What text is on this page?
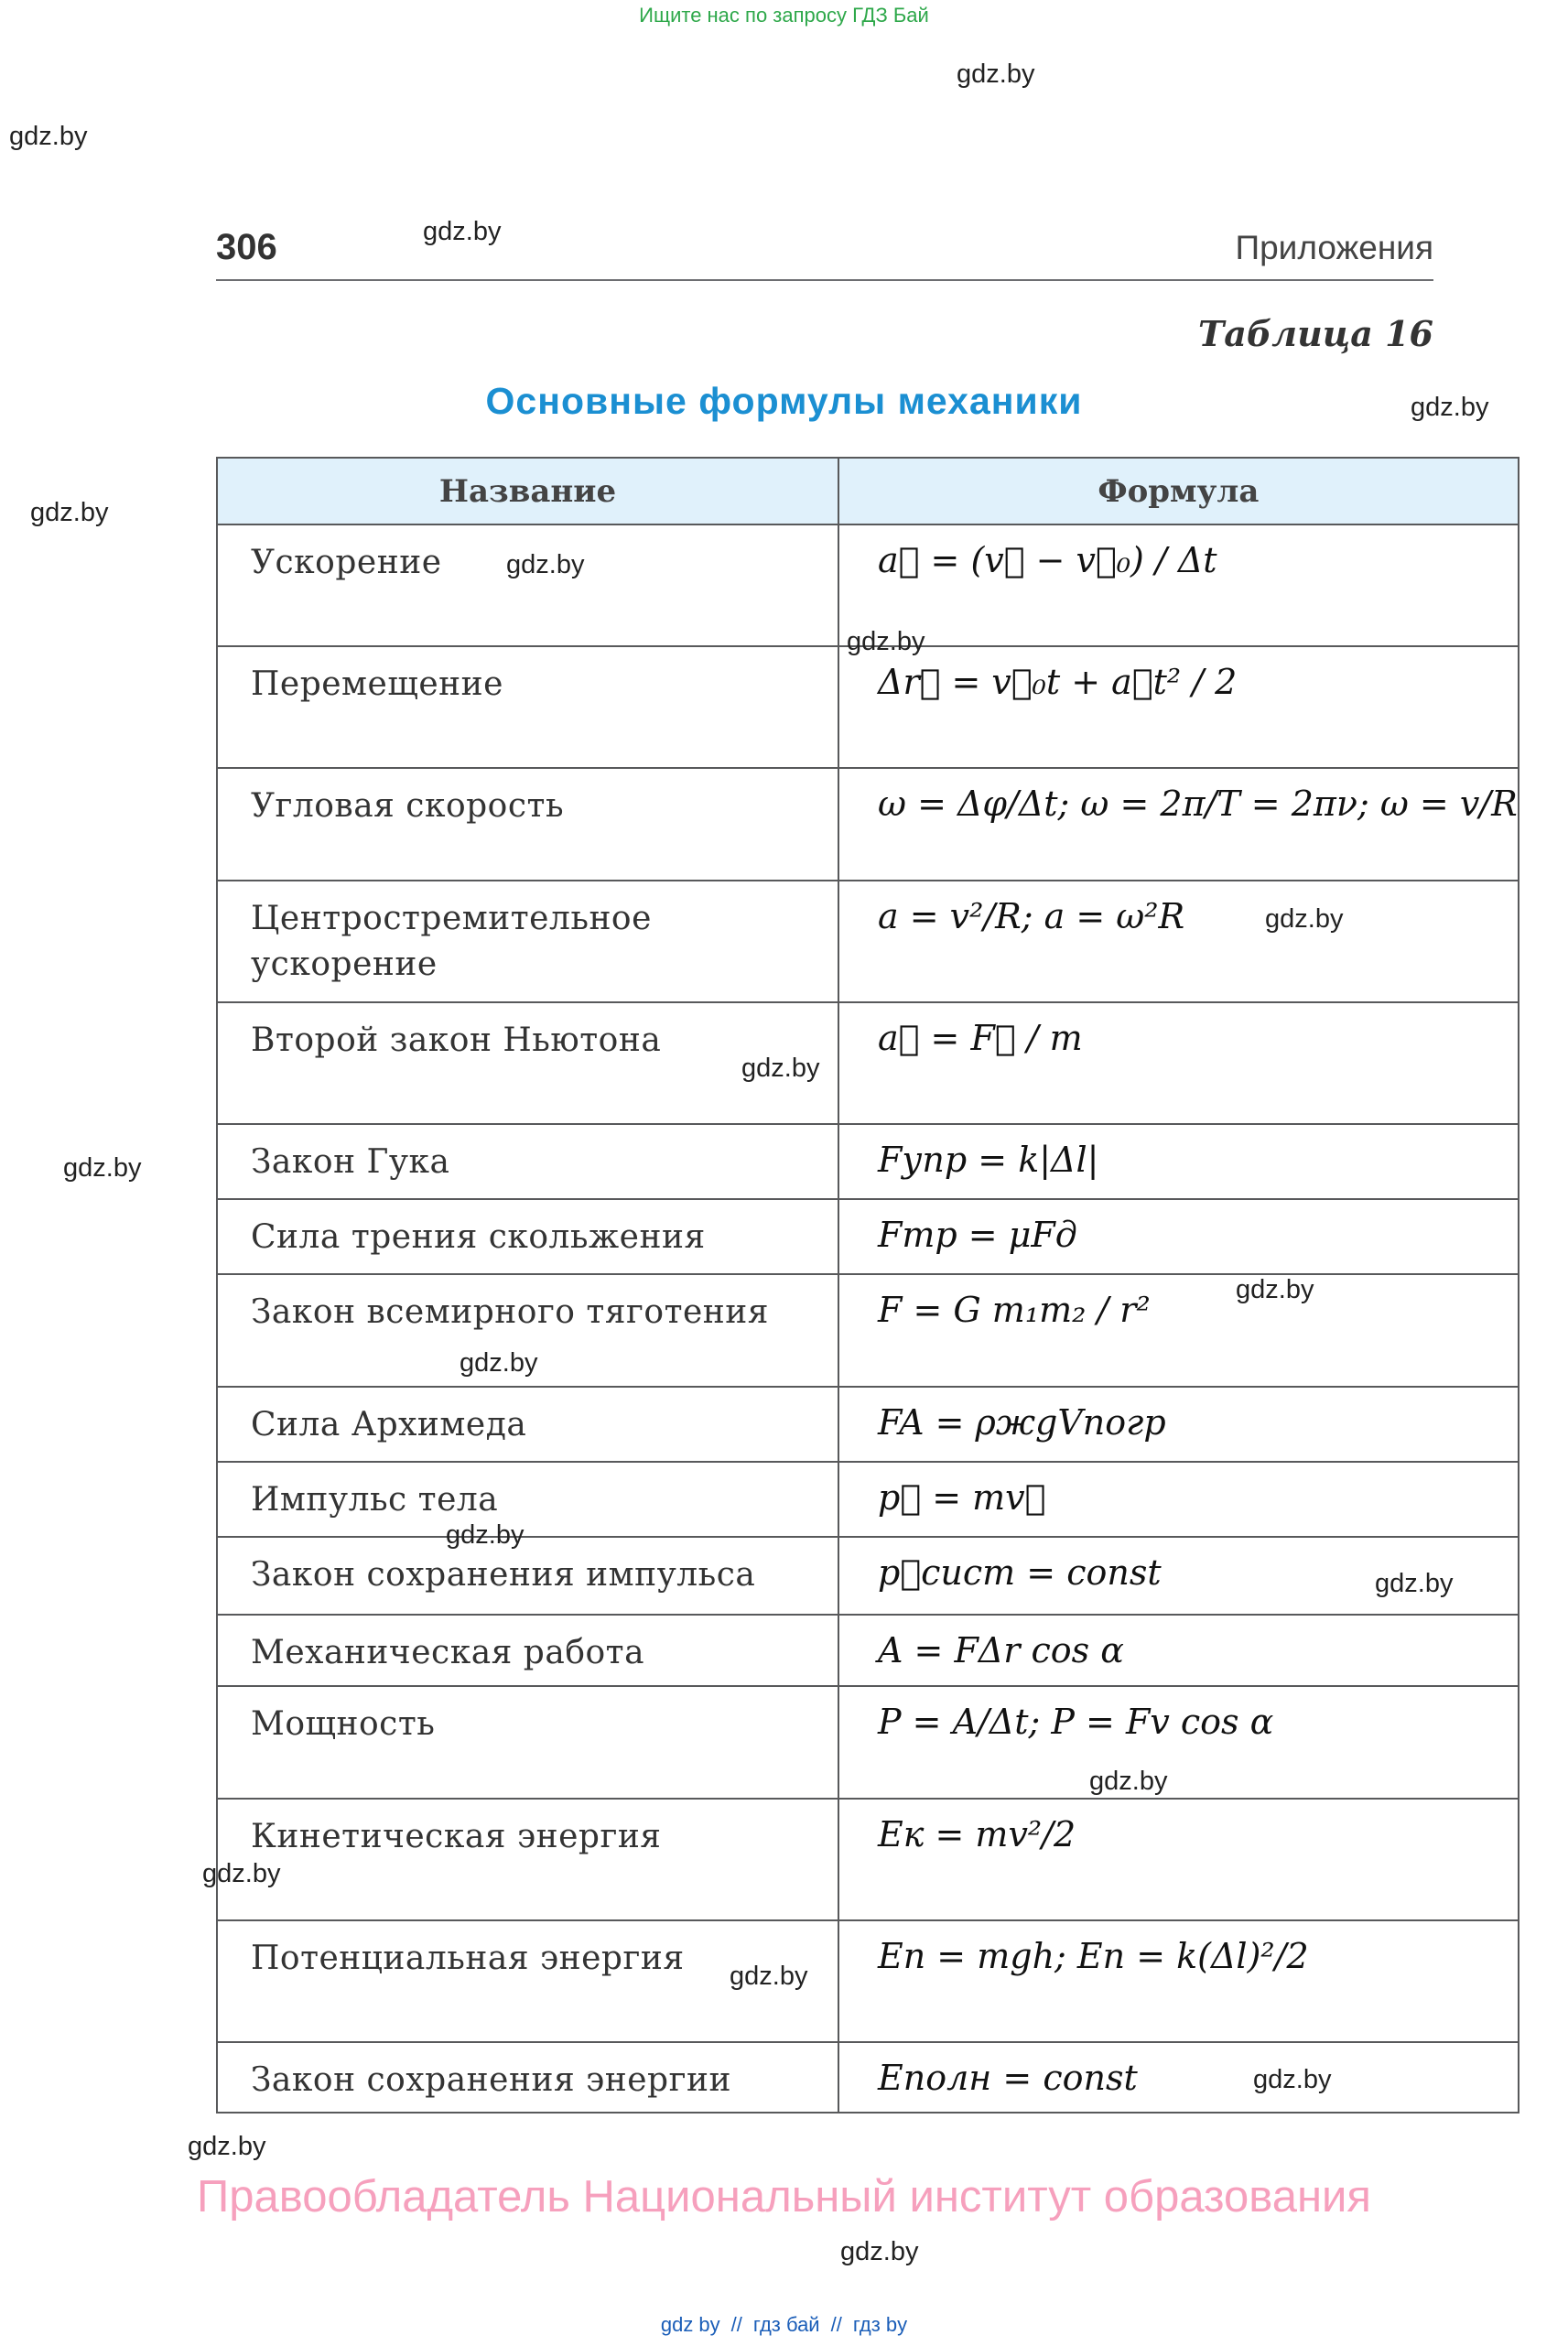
Ищите нас по запросу ГДЗ Бай
306	Приложения
Таблица 16
Основные формулы механики
Название	Формула
Ускорение	a⃗ = (v⃗ − v⃗₀) / Δt
Перемещение	Δr⃗ = v⃗₀t + a⃗t² / 2
Угловая скорость	ω = Δφ/Δt; ω = 2π/T = 2πν; ω = v/R
Центростремительное ускорение	a = v²/R; a = ω²R
Второй закон Ньютона	a⃗ = F⃗ / m
Закон Гука	Fупр = k|Δl|
Сила трения скольжения	Fтр = μFд
Закон всемирного тяготения	F = G m₁m₂ / r²
Сила Архимеда	FA = ρжgVпогр
Импульс тела	p⃗ = mv⃗
Закон сохранения импульса	p⃗сист = const
Механическая работа	A = FΔr cos α
Мощность	P = A/Δt; P = Fv cos α
Кинетическая энергия	Eк = mv²/2
Потенциальная энергия	Eп = mgh; Eп = k(Δl)²/2
Закон сохранения энергии	Eполн = const
gdz.by
gdz.by
gdz.by
gdz.by
gdz.by
gdz.by
gdz.by
gdz.by
gdz.by
gdz.by
gdz.by
gdz.by
gdz.by
gdz.by
gdz.by
gdz.by
gdz.by
gdz.by
gdz.by
gdz.by
Правообладатель Национальный институт образования
gdz by // гдз бай // гдз by
